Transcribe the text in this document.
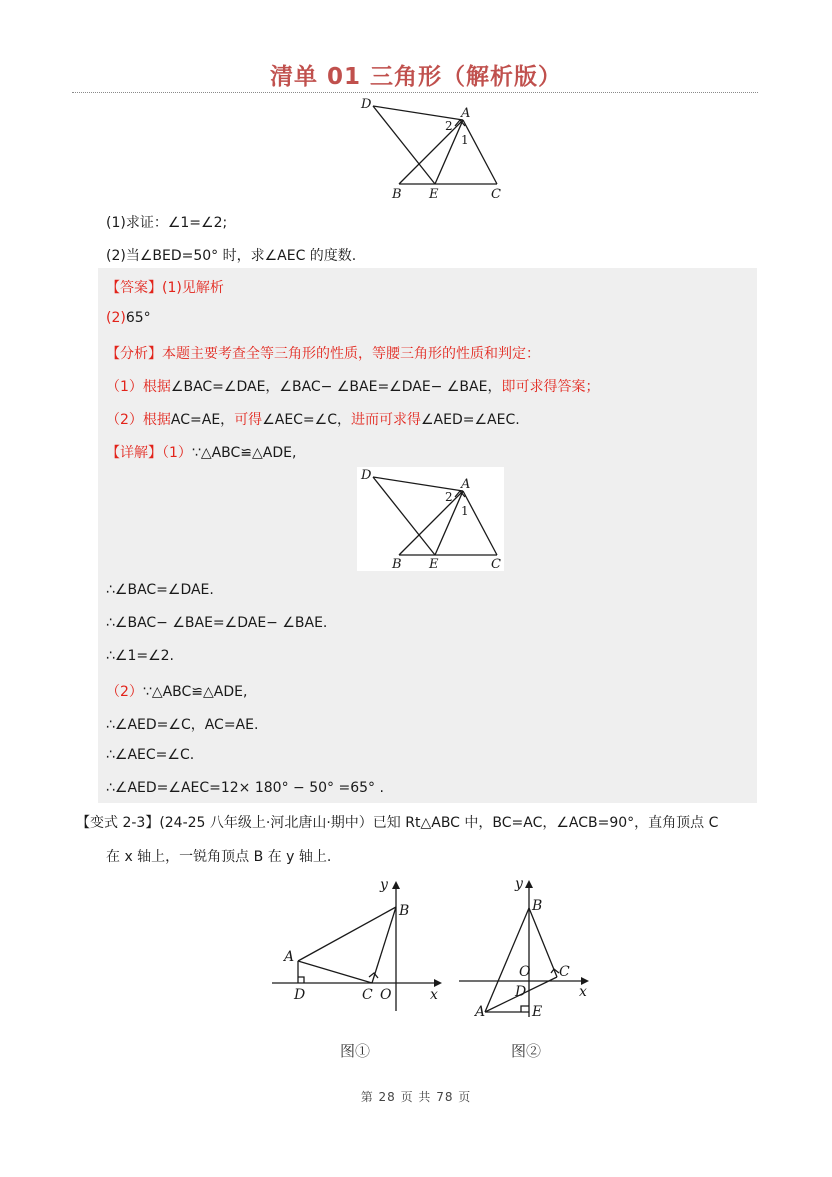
清单 01 三角形（解析版）
D
A
2
1
B E	C
(1)求证：∠1=∠2;
(2)当∠BED=50° 时，求∠AEC 的度数.
【答案】(1)见解析
(2)65°
【分析】本题主要考查全等三角形的性质，等腰三角形的性质和判定：
（1）根据∠BAC=∠DAE，∠BAC− ∠BAE=∠DAE− ∠BAE，即可求得答案；
（2）根据AC=AE，可得∠AEC=∠C，进而可求得∠AED=∠AEC.
【详解】（1）∵△ABC≌△ADE,
D
A
2
1
B E	C
∴∠BAC=∠DAE.
∴∠BAC− ∠BAE=∠DAE− ∠BAE.
∴∠1=∠2.
（2）∵△ABC≌△ADE,
∴∠AED=∠C，AC=AE.
∴∠AEC=∠C.
∴∠AED=∠AEC=12× 180° − 50° =65° .
【变式 2-3】(24-25 八年级上·河北唐山·期中）已知 Rt△ABC 中，BC=AC，∠ACB=90°，直角顶点 C
在 x 轴上，一锐角顶点 B 在 y 轴上.
y
B
A
D	C O	x
图①
y
B
O C
D	x
A	E
图②
第 28 页 共 78 页
